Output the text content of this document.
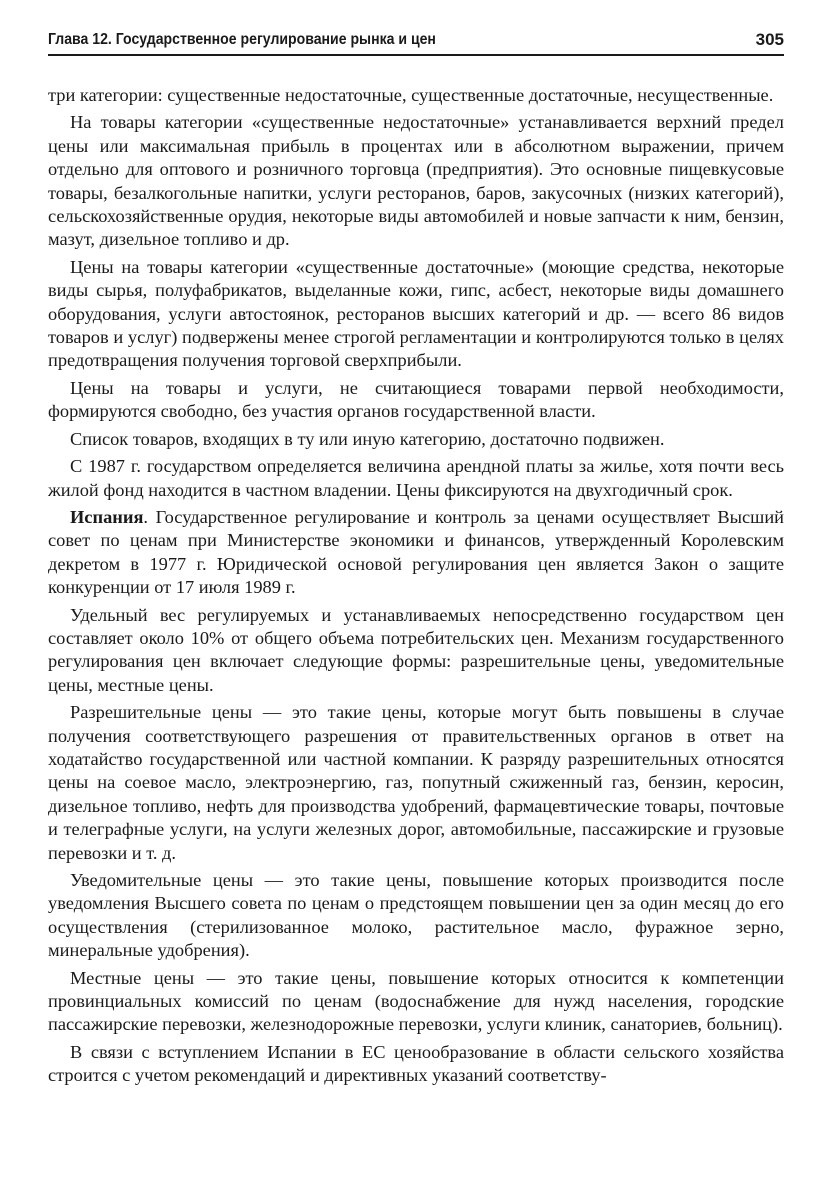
Глава 12. Государственное регулирование рынка и цен	305

три категории: существенные недостаточные, существенные достаточные, несущественные.

На товары категории «существенные недостаточные» устанавливается верхний предел цены или максимальная прибыль в процентах или в абсолютном выражении, причем отдельно для оптового и розничного торговца (предприятия). Это основные пищевкусовые товары, безалкогольные напитки, услуги ресторанов, баров, закусочных (низких категорий), сельскохозяйственные орудия, некоторые виды автомобилей и новые запчасти к ним, бензин, мазут, дизельное топливо и др.

Цены на товары категории «существенные достаточные» (моющие средства, некоторые виды сырья, полуфабрикатов, выделанные кожи, гипс, асбест, некоторые виды домашнего оборудования, услуги автостоянок, ресторанов высших категорий и др. — всего 86 видов товаров и услуг) подвержены менее строгой регламентации и контролируются только в целях предотвращения получения торговой сверхприбыли.

Цены на товары и услуги, не считающиеся товарами первой необходимости, формируются свободно, без участия органов государственной власти.

Список товаров, входящих в ту или иную категорию, достаточно подвижен.

С 1987 г. государством определяется величина арендной платы за жилье, хотя почти весь жилой фонд находится в частном владении. Цены фиксируются на двухгодичный срок.

Испания. Государственное регулирование и контроль за ценами осуществляет Высший совет по ценам при Министерстве экономики и финансов, утвержденный Королевским декретом в 1977 г. Юридической основой регулирования цен является Закон о защите конкуренции от 17 июля 1989 г.

Удельный вес регулируемых и устанавливаемых непосредственно государством цен составляет около 10% от общего объема потребительских цен. Механизм государственного регулирования цен включает следующие формы: разрешительные цены, уведомительные цены, местные цены.

Разрешительные цены — это такие цены, которые могут быть повышены в случае получения соответствующего разрешения от правительственных органов в ответ на ходатайство государственной или частной компании. К разряду разрешительных относятся цены на соевое масло, электроэнергию, газ, попутный сжиженный газ, бензин, керосин, дизельное топливо, нефть для производства удобрений, фармацевтические товары, почтовые и телеграфные услуги, на услуги железных дорог, автомобильные, пассажирские и грузовые перевозки и т. д.

Уведомительные цены — это такие цены, повышение которых производится после уведомления Высшего совета по ценам о предстоящем повышении цен за один месяц до его осуществления (стерилизованное молоко, растительное масло, фуражное зерно, минеральные удобрения).

Местные цены — это такие цены, повышение которых относится к компетенции провинциальных комиссий по ценам (водоснабжение для нужд населения, городские пассажирские перевозки, железнодорожные перевозки, услуги клиник, санаториев, больниц).

В связи с вступлением Испании в ЕС ценообразование в области сельского хозяйства строится с учетом рекомендаций и директивных указаний соответству-
